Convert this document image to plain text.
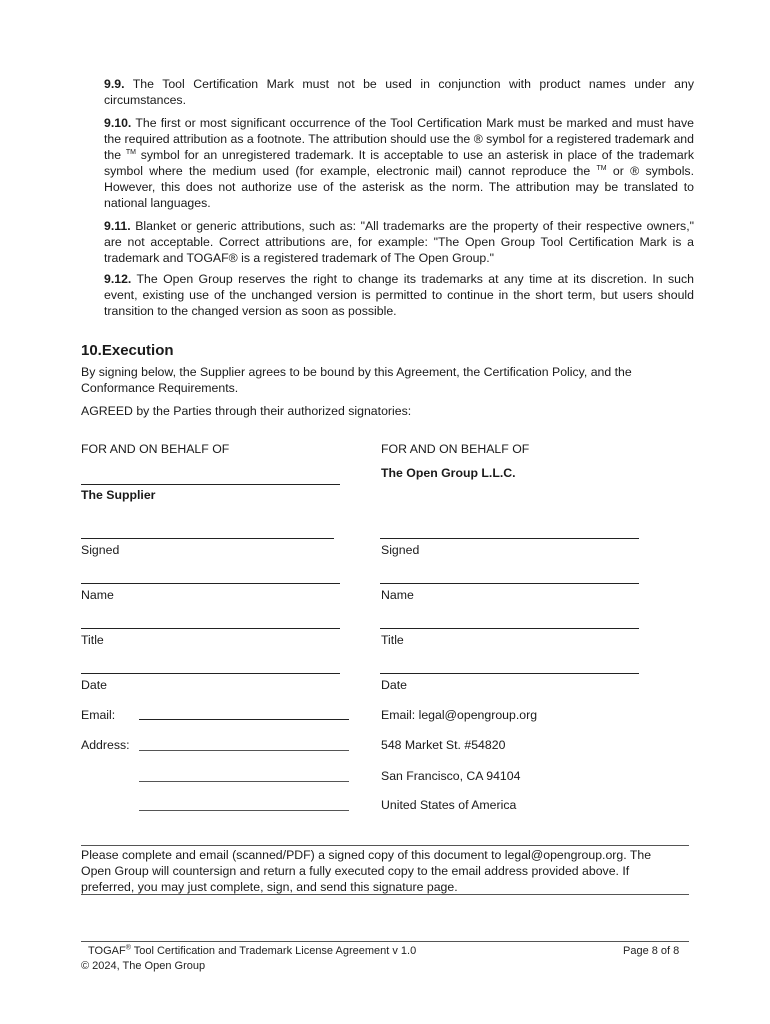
9.9. The Tool Certification Mark must not be used in conjunction with product names under any circumstances.
9.10. The first or most significant occurrence of the Tool Certification Mark must be marked and must have the required attribution as a footnote. The attribution should use the ® symbol for a registered trademark and the ™ symbol for an unregistered trademark. It is acceptable to use an asterisk in place of the trademark symbol where the medium used (for example, electronic mail) cannot reproduce the ™ or ® symbols. However, this does not authorize use of the asterisk as the norm. The attribution may be translated to national languages.
9.11. Blanket or generic attributions, such as: "All trademarks are the property of their respective owners," are not acceptable. Correct attributions are, for example: "The Open Group Tool Certification Mark is a trademark and TOGAF® is a registered trademark of The Open Group."
9.12. The Open Group reserves the right to change its trademarks at any time at its discretion. In such event, existing use of the unchanged version is permitted to continue in the short term, but users should transition to the changed version as soon as possible.
10.Execution
By signing below, the Supplier agrees to be bound by this Agreement, the Certification Policy, and the Conformance Requirements.
AGREED by the Parties through their authorized signatories:
FOR AND ON BEHALF OF
The Supplier
Signed
Name
Title
Date
Email:
Address:
FOR AND ON BEHALF OF
The Open Group L.L.C.
Signed
Name
Title
Date
Email: legal@opengroup.org
548 Market St. #54820
San Francisco, CA 94104
United States of America
Please complete and email (scanned/PDF) a signed copy of this document to legal@opengroup.org. The Open Group will countersign and return a fully executed copy to the email address provided above. If preferred, you may just complete, sign, and send this signature page.
TOGAF® Tool Certification and Trademark License Agreement v 1.0
© 2024, The Open Group
Page 8 of 8
